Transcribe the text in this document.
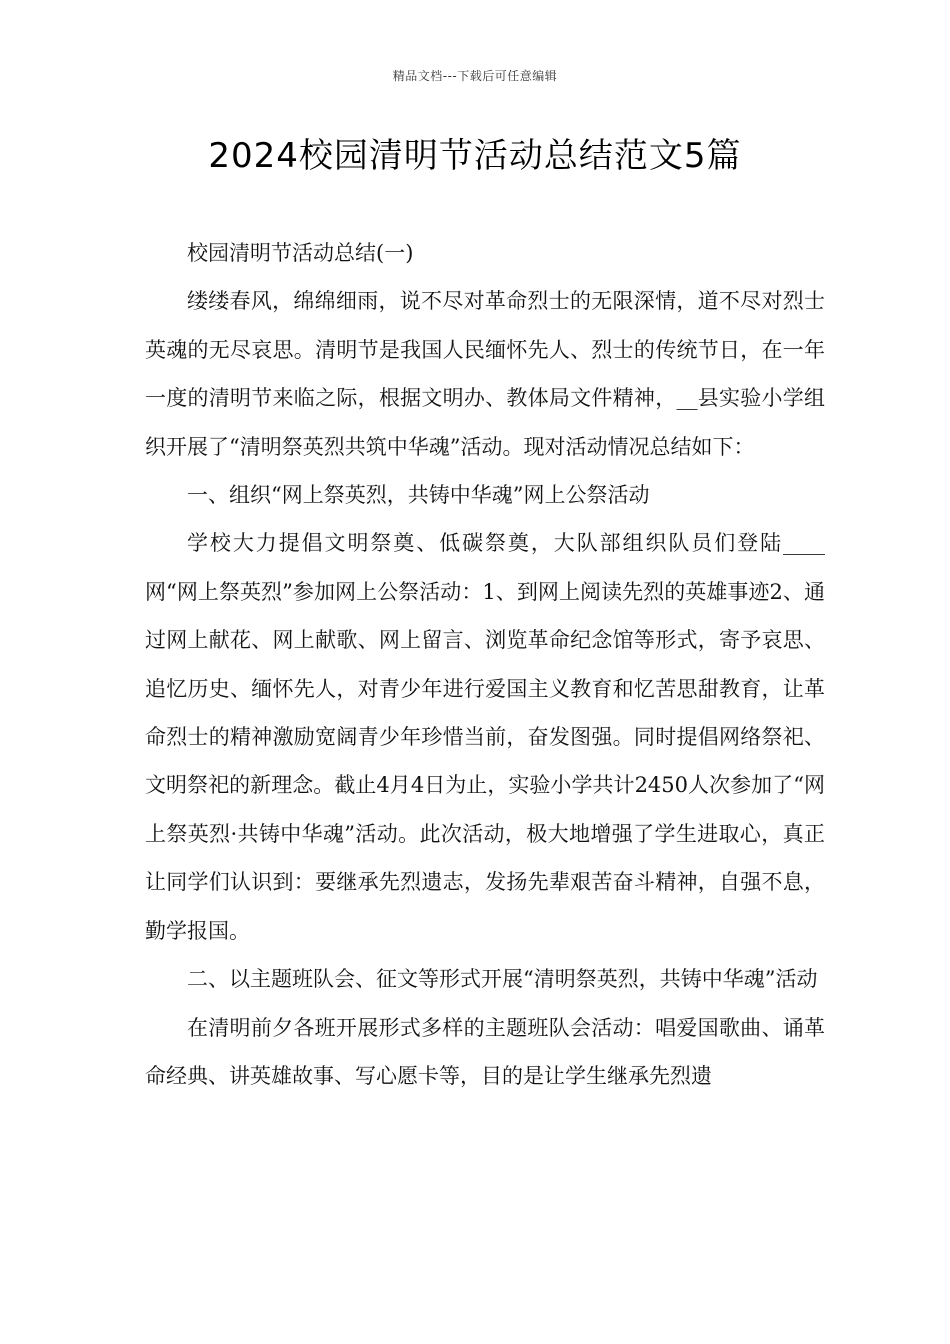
精品文档---下载后可任意编辑
2024校园清明节活动总结范文5篇

校园清明节活动总结(一)

缕缕春风，绵绵细雨，说不尽对革命烈士的无限深情，道不尽对烈士英魂的无尽哀思。清明节是我国人民缅怀先人、烈士的传统节日，在一年一度的清明节来临之际，根据文明办、教体局文件精神，__县实验小学组织开展了“清明祭英烈共筑中华魂”活动。现对活动情况总结如下：

一、组织“网上祭英烈，共铸中华魂”网上公祭活动

学校大力提倡文明祭奠、低碳祭奠，大队部组织队员们登陆____网“网上祭英烈”参加网上公祭活动：1、到网上阅读先烈的英雄事迹2、通过网上献花、网上献歌、网上留言、浏览革命纪念馆等形式，寄予哀思、追忆历史、缅怀先人，对青少年进行爱国主义教育和忆苦思甜教育，让革命烈士的精神激励宽阔青少年珍惜当前，奋发图强。同时提倡网络祭祀、文明祭祀的新理念。截止4月4日为止，实验小学共计2450人次参加了“网上祭英烈·共铸中华魂”活动。此次活动，极大地增强了学生进取心，真正让同学们认识到：要继承先烈遗志，发扬先辈艰苦奋斗精神，自强不息，勤学报国。

二、以主题班队会、征文等形式开展“清明祭英烈，共铸中华魂”活动

在清明前夕各班开展形式多样的主题班队会活动：唱爱国歌曲、诵革命经典、讲英雄故事、写心愿卡等，目的是让学生继承先烈遗
